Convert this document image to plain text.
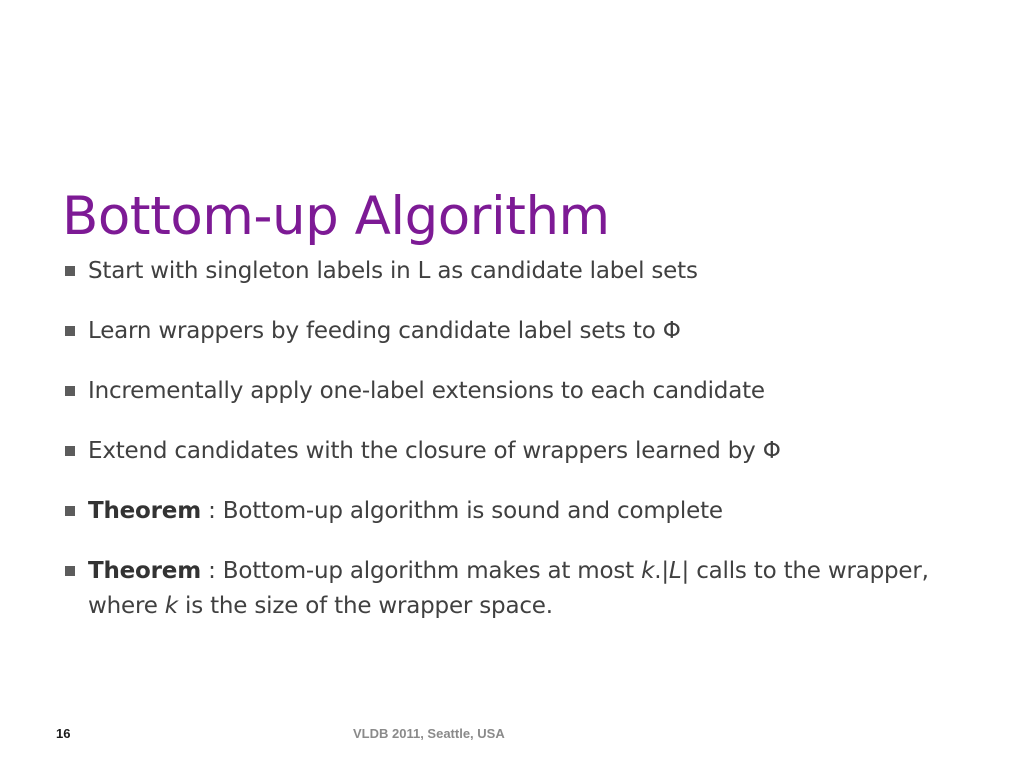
Bottom-up Algorithm
Start with singleton labels in L as candidate label sets
Learn wrappers by feeding candidate label sets to Φ
Incrementally apply one-label extensions to each candidate
Extend candidates with the closure of wrappers learned by Φ
Theorem : Bottom-up algorithm is sound and complete
Theorem : Bottom-up algorithm makes at most k.|L| calls to the wrapper, where k is the size of the wrapper space.
16	VLDB 2011, Seattle, USA
